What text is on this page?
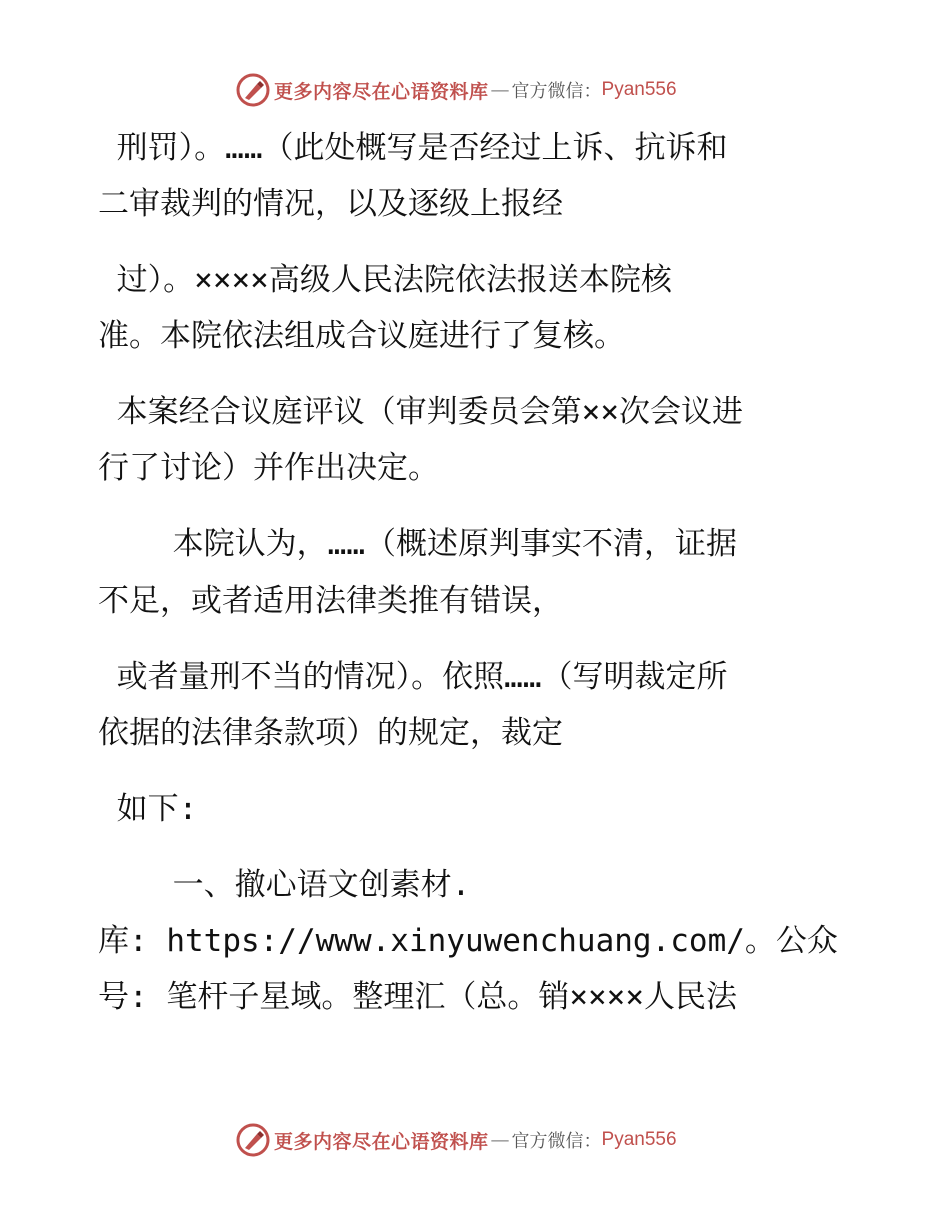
更多内容尽在心语资料库 — 官方微信： Pyan556
刑罚）。……（此处概写是否经过上诉、抗诉和
二审裁判的情况，以及逐级上报经
过）。××××高级人民法院依法报送本院核
准。本院依法组成合议庭进行了复核。
本案经合议庭评议（审判委员会第××次会议进
行了讨论）并作出决定。
本院认为，……（概述原判事实不清，证据
不足，或者适用法律类推有错误，
或者量刑不当的情况）。依照……（写明裁定所
依据的法律条款项）的规定，裁定
如下:
一、撤心语文创素材.
库: https://www.xinyuwenchuang.com/。公众
号: 笔杆子星域。整理汇（总。销××××人民法
更多内容尽在心语资料库 — 官方微信： Pyan556
